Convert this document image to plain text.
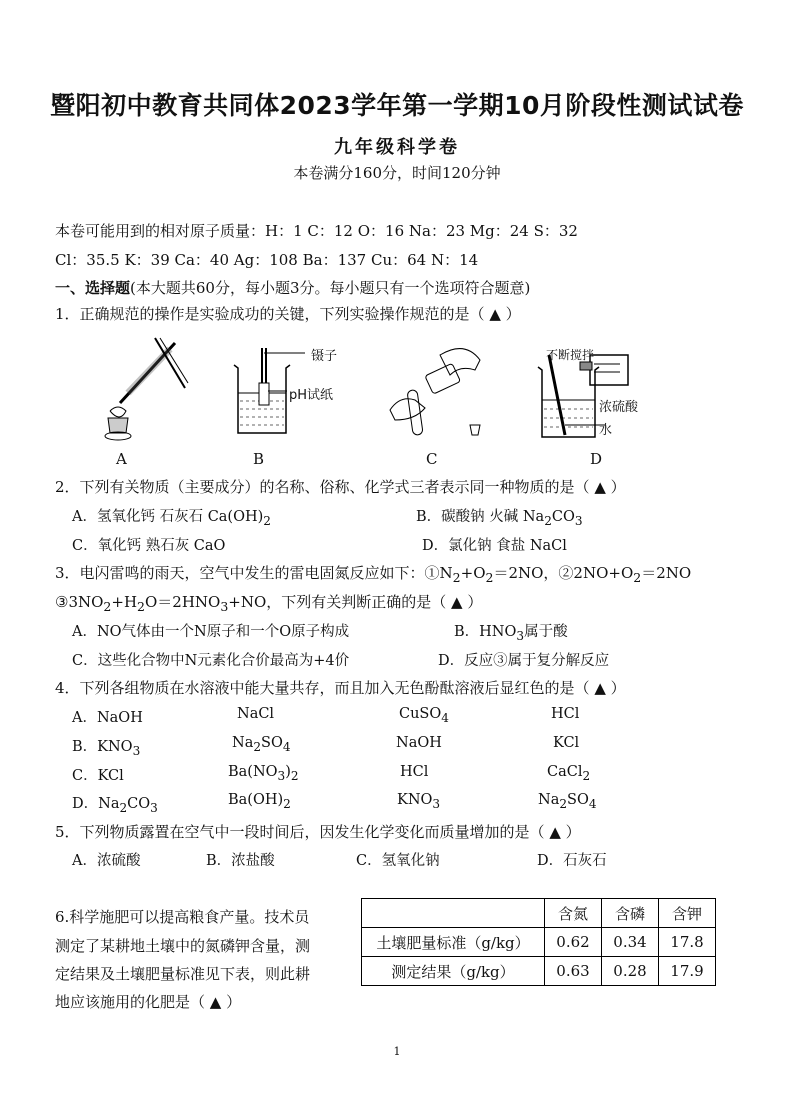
暨阳初中教育共同体2023学年第一学期10月阶段性测试试卷
九年级科学卷
本卷满分160分，时间120分钟
本卷可能用到的相对原子质量：H：1 C：12 O：16 Na：23 Mg：24 S：32
Cl：35.5 K：39 Ca：40 Ag：108 Ba：137 Cu：64 N：14
一、选择题(本大题共60分，每小题3分。每小题只有一个选项符合题意)
1．正确规范的操作是实验成功的关键，下列实验操作规范的是（ ▲ ）
A
镊子
pH试纸
B	C
不断搅拌
浓硫酸
水
D
2．下列有关物质（主要成分）的名称、俗称、化学式三者表示同一种物质的是（ ▲ ）
A．氢氧化钙 石灰石 $Ca(OH)_2$	B．碳酸钠 火碱 $Na_2CO_3$
C．氧化钙 熟石灰 CaO	D．氯化钠 食盐 NaCl
3．电闪雷鸣的雨天，空气中发生的雷电固氮反应如下：$①N_2+O_2=2NO$，$②2NO+O_2=2NO$
$③3NO_2+H_2O=2HNO_3+NO$，下列有关判断正确的是（ ▲ ）
A．NO气体由一个N原子和一个O原子构成	B．$HNO_3$属于酸
C．这些化合物中N元素化合价最高为+4价	D．反应③属于复分解反应
4．下列各组物质在水溶液中能大量共存，而且加入无色酚酞溶液后显红色的是（ ▲ ）
A．NaOH	NaCl	CuSO$_4$	HCl
B．$KNO_3$	$Na_2SO_4$	NaOH	KCl
C．KCl	$Ba(NO_3)_2$	HCl	CaCl$_2$
D．$Na_2CO_3$	$Ba(OH)_2$	$KNO_3$	$Na_2SO_4$
5．下列物质露置在空气中一段时间后，因发生化学变化而质量增加的是（ ▲ ）
A．浓硫酸	B．浓盐酸	C．氢氧化钠	D．石灰石
6.科学施肥可以提高粮食产量。技术员
测定了某耕地土壤中的氮磷钾含量，测
定结果及土壤肥量标准见下表，则此耕
地应该施用的化肥是（ ▲ ）
	含氮	含磷	含钾
土壤肥量标准（g/kg）	0.62	0.34	17.8
测定结果（g/kg）	0.63	0.28	17.9
1
